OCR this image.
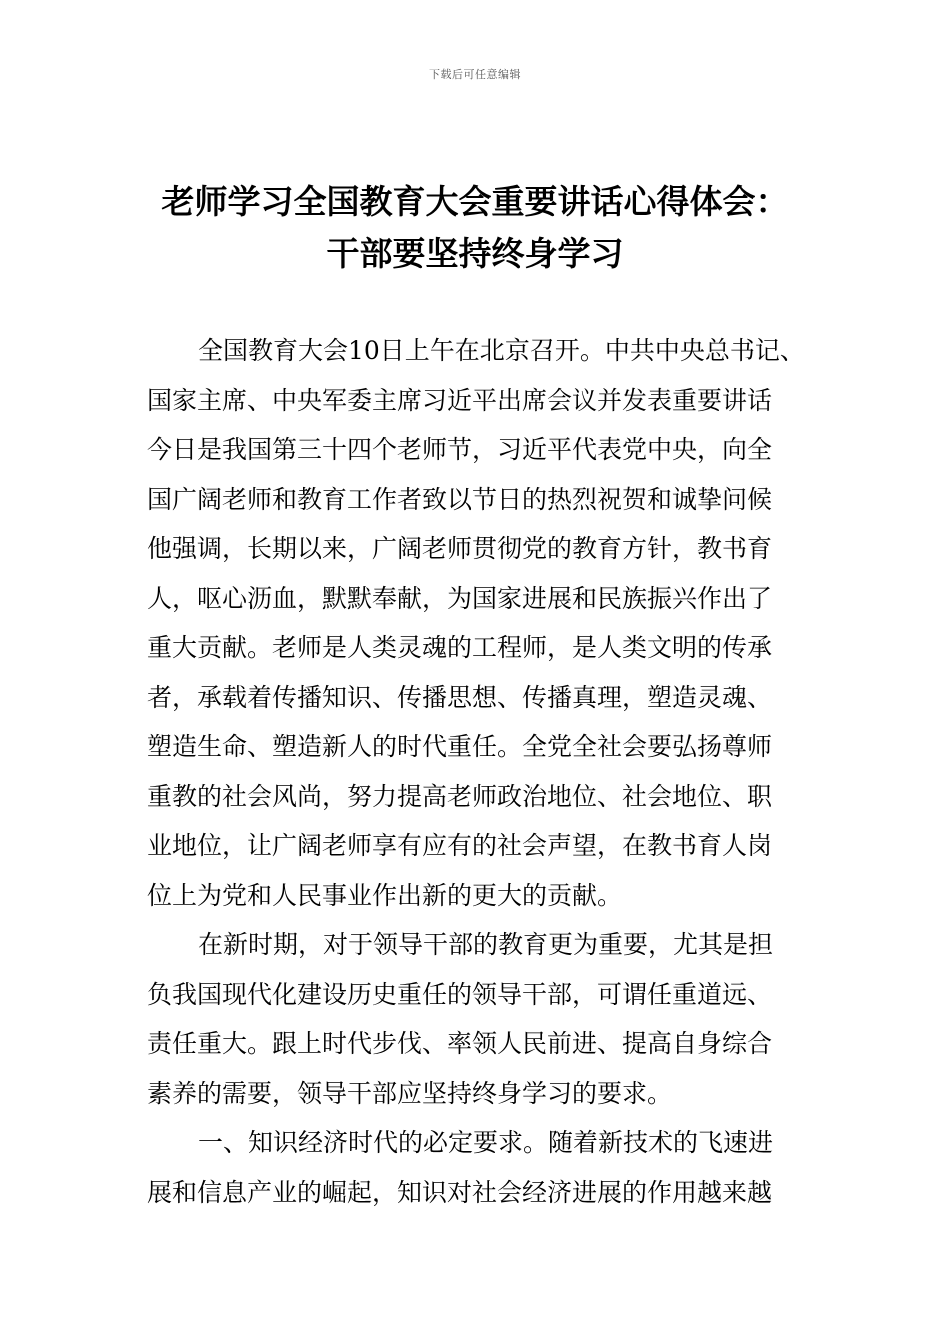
下载后可任意编辑
老师学习全国教育大会重要讲话心得体会：
干部要坚持终身学习
全国教育大会10日上午在北京召开。中共中央总书记、
国家主席、中央军委主席习近平出席会议并发表重要讲话
今日是我国第三十四个老师节，习近平代表党中央，向全
国广阔老师和教育工作者致以节日的热烈祝贺和诚挚问候
他强调，长期以来，广阔老师贯彻党的教育方针，教书育
人，呕心沥血，默默奉献，为国家进展和民族振兴作出了
重大贡献。老师是人类灵魂的工程师，是人类文明的传承
者，承载着传播知识、传播思想、传播真理，塑造灵魂、
塑造生命、塑造新人的时代重任。全党全社会要弘扬尊师
重教的社会风尚，努力提高老师政治地位、社会地位、职
业地位，让广阔老师享有应有的社会声望，在教书育人岗
位上为党和人民事业作出新的更大的贡献。
在新时期，对于领导干部的教育更为重要，尤其是担
负我国现代化建设历史重任的领导干部，可谓任重道远、
责任重大。跟上时代步伐、率领人民前进、提高自身综合
素养的需要，领导干部应坚持终身学习的要求。
一、知识经济时代的必定要求。随着新技术的飞速进
展和信息产业的崛起，知识对社会经济进展的作用越来越
